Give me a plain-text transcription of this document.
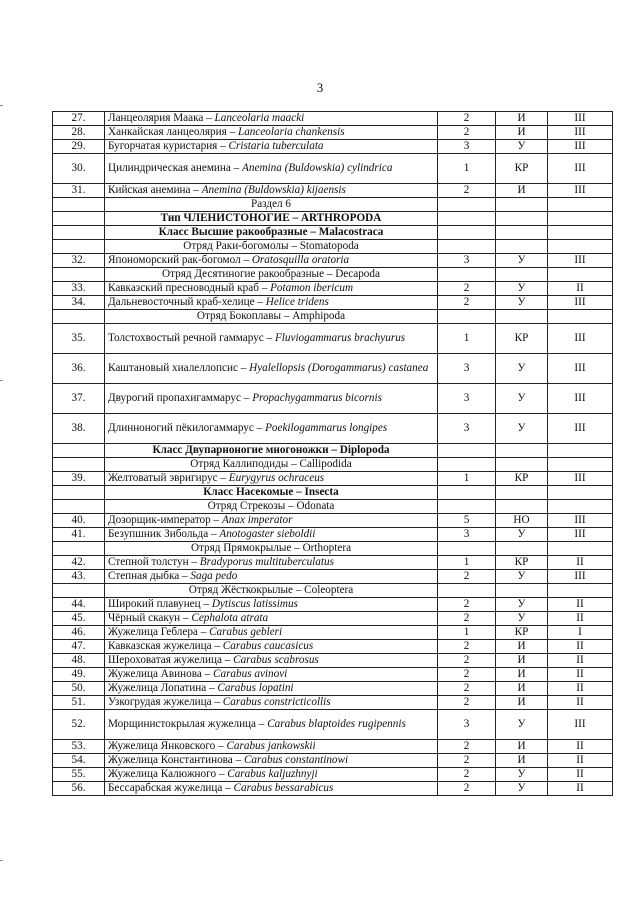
3
27.	Ланцеолярия Маака – Lanceolaria maacki	2	И	III
28.	Ханкайская ланцеолярия – Lanceolaria chankensis	2	И	III
29.	Бугорчатая куристария – Cristaria tuberculata	3	У	III
30.	Цилиндрическая анемина – Anemina (Buldowskia) cylindrica	1	КР	III
31.	Кийская анемина – Anemina (Buldowskia) kijaensis	2	И	III
	Раздел 6			
	Тип ЧЛЕНИСТОНОГИЕ – ARTHROPODA			
	Класс Высшие ракообразные – Malacostraca			
	Отряд Раки-богомолы – Stomatopoda			
32.	Япономорский рак-богомол – Oratosquilla oratoria	3	У	III
	Отряд Десятиногие ракообразные – Decapoda			
33.	Кавказский пресноводный краб – Potamon ibericum	2	У	II
34.	Дальневосточный краб-хелице – Helice tridens	2	У	III
	Отряд Бокоплавы – Amphipoda			
35.	Толстохвостый речной гаммарус – Fluviogammarus brachyurus	1	КР	III
36.	Каштановый хиалеллопсис – Hyalellopsis (Dorogammarus) castanea	3	У	III
37.	Двурогий пропахигаммарус – Propachygammarus bicornis	3	У	III
38.	Длинноногий пёкилогаммарус – Poekilogammarus longipes	3	У	III
	Класс Двупарноногие многоножки – Diplopoda			
	Отряд Каллиподиды – Callipodida			
39.	Желтоватый эвригирус – Eurygyrus ochraceus	1	КР	III
	Класс Насекомые – Insecta			
	Отряд Стрекозы – Odonata			
40.	Дозорщик-император – Anax imperator	5	НО	III
41.	Безупшник Зибольда – Anotogaster sieboldii	3	У	III
	Отряд Прямокрылые – Orthoptera			
42.	Степной толстун – Bradyporus multituberculatus	1	КР	II
43.	Степная дыбка – Saga pedo	2	У	III
	Отряд Жёсткокрылые – Coleoptera			
44.	Широкий плавунец – Dytiscus latissimus	2	У	II
45.	Чёрный скакун – Cephalota atrata	2	У	II
46.	Жужелица Геблера – Carabus gebleri	1	КР	I
47.	Кавказская жужелица – Carabus caucasicus	2	И	II
48.	Шероховатая жужелица – Carabus scabrosus	2	И	II
49.	Жужелица Авинова – Carabus avinovi	2	И	II
50.	Жужелица Лопатина – Carabus lopatini	2	И	II
51.	Узкогрудая жужелица – Carabus constricticollis	2	И	II
52.	Морщинистокрылая жужелица – Carabus blaptoides rugipennis	3	У	III
53.	Жужелица Янковского – Carabus jankowskii	2	И	II
54.	Жужелица Константинова – Carabus constantinowi	2	И	II
55.	Жужелица Калюжного – Carabus kaljuzhnyji	2	У	II
56.	Бессарабская жужелица – Carabus bessarabicus	2	У	II
